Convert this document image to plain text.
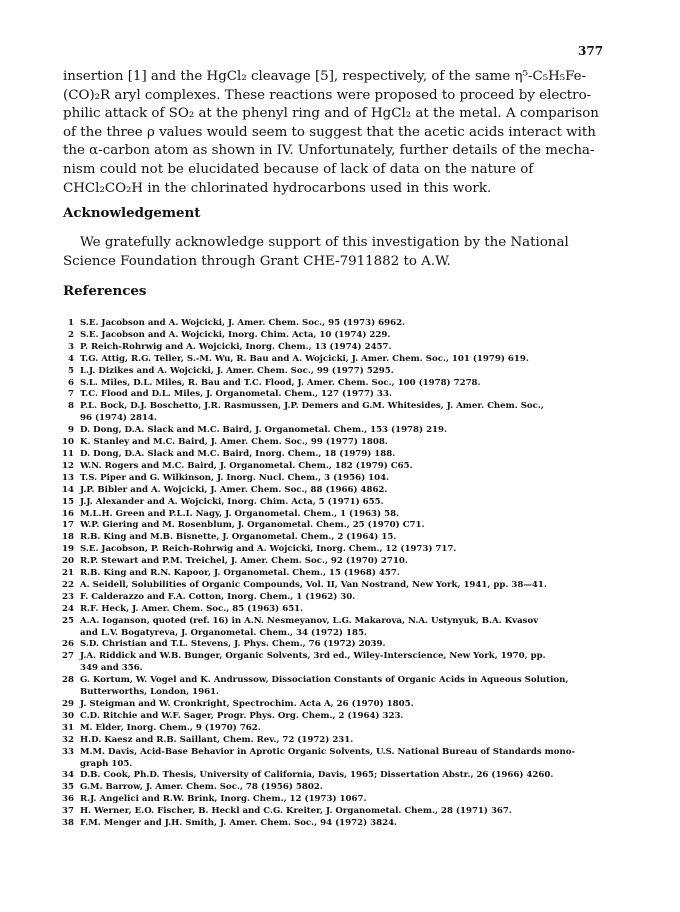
377
insertion [1] and the HgCl₂ cleavage [5], respectively, of the same η⁵-C₅H₅Fe-
(CO)₂R aryl complexes. These reactions were proposed to proceed by electro-
philic attack of SO₂ at the phenyl ring and of HgCl₂ at the metal. A comparison
of the three ρ values would seem to suggest that the acetic acids interact with
the α-carbon atom as shown in IV. Unfortunately, further details of the mecha-
nism could not be elucidated because of lack of data on the nature of
CHCl₂CO₂H in the chlorinated hydrocarbons used in this work.
Acknowledgement
We gratefully acknowledge support of this investigation by the National
Science Foundation through Grant CHE-7911882 to A.W.
References
1 S.E. Jacobson and A. Wojcicki, J. Amer. Chem. Soc., 95 (1973) 6962.
2 S.E. Jacobson and A. Wojcicki, Inorg. Chim. Acta, 10 (1974) 229.
3 P. Reich-Rohrwig and A. Wojcicki, Inorg. Chem., 13 (1974) 2457.
4 T.G. Attig, R.G. Teller, S.-M. Wu, R. Bau and A. Wojcicki, J. Amer. Chem. Soc., 101 (1979) 619.
5 L.J. Dizikes and A. Wojcicki, J. Amer. Chem. Soc., 99 (1977) 5295.
6 S.L. Miles, D.L. Miles, R. Bau and T.C. Flood, J. Amer. Chem. Soc., 100 (1978) 7278.
7 T.C. Flood and D.L. Miles, J. Organometal. Chem., 127 (1977) 33.
8 P.L. Bock, D.J. Boschetto, J.R. Rasmussen, J.P. Demers and G.M. Whitesides, J. Amer. Chem. Soc.,
96 (1974) 2814.
9 D. Dong, D.A. Slack and M.C. Baird, J. Organometal. Chem., 153 (1978) 219.
10 K. Stanley and M.C. Baird, J. Amer. Chem. Soc., 99 (1977) 1808.
11 D. Dong, D.A. Slack and M.C. Baird, Inorg. Chem., 18 (1979) 188.
12 W.N. Rogers and M.C. Baird, J. Organometal. Chem., 182 (1979) C65.
13 T.S. Piper and G. Wilkinson, J. Inorg. Nucl. Chem., 3 (1956) 104.
14 J.P. Bibler and A. Wojcicki, J. Amer. Chem. Soc., 88 (1966) 4862.
15 J.J. Alexander and A. Wojcicki, Inorg. Chim. Acta, 5 (1971) 655.
16 M.L.H. Green and P.L.I. Nagy, J. Organometal. Chem., 1 (1963) 58.
17 W.P. Giering and M. Rosenblum, J. Organometal. Chem., 25 (1970) C71.
18 R.B. King and M.B. Bisnette, J. Organometal. Chem., 2 (1964) 15.
19 S.E. Jacobson, P. Reich-Rohrwig and A. Wojcicki, Inorg. Chem., 12 (1973) 717.
20 R.P. Stewart and P.M. Treichel, J. Amer. Chem. Soc., 92 (1970) 2710.
21 R.B. King and R.N. Kapoor, J. Organometal. Chem., 15 (1968) 457.
22 A. Seidell, Solubilities of Organic Compounds, Vol. II, Van Nostrand, New York, 1941, pp. 38—41.
23 F. Calderazzo and F.A. Cotton, Inorg. Chem., 1 (1962) 30.
24 R.F. Heck, J. Amer. Chem. Soc., 85 (1963) 651.
25 A.A. Ioganson, quoted (ref. 16) in A.N. Nesmeyanov, L.G. Makarova, N.A. Ustynyuk, B.A. Kvasov
and L.V. Bogatyreva, J. Organometal. Chem., 34 (1972) 185.
26 S.D. Christian and T.L. Stevens, J. Phys. Chem., 76 (1972) 2039.
27 J.A. Riddick and W.B. Bunger, Organic Solvents, 3rd ed., Wiley-Interscience, New York, 1970, pp.
349 and 356.
28 G. Kortum, W. Vogel and K. Andrussow, Dissociation Constants of Organic Acids in Aqueous Solution,
Butterworths, London, 1961.
29 J. Steigman and W. Cronkright, Spectrochim. Acta A, 26 (1970) 1805.
30 C.D. Ritchie and W.F. Sager, Progr. Phys. Org. Chem., 2 (1964) 323.
31 M. Elder, Inorg. Chem., 9 (1970) 762.
32 H.D. Kaesz and R.B. Saillant, Chem. Rev., 72 (1972) 231.
33 M.M. Davis, Acid-Base Behavior in Aprotic Organic Solvents, U.S. National Bureau of Standards mono-
graph 105.
34 D.B. Cook, Ph.D. Thesis, University of California, Davis, 1965; Dissertation Abstr., 26 (1966) 4260.
35 G.M. Barrow, J. Amer. Chem. Soc., 78 (1956) 5802.
36 R.J. Angelici and R.W. Brink, Inorg. Chem., 12 (1973) 1067.
37 H. Werner, E.O. Fischer, B. Heckl and C.G. Kreiter, J. Organometal. Chem., 28 (1971) 367.
38 F.M. Menger and J.H. Smith, J. Amer. Chem. Soc., 94 (1972) 3824.
